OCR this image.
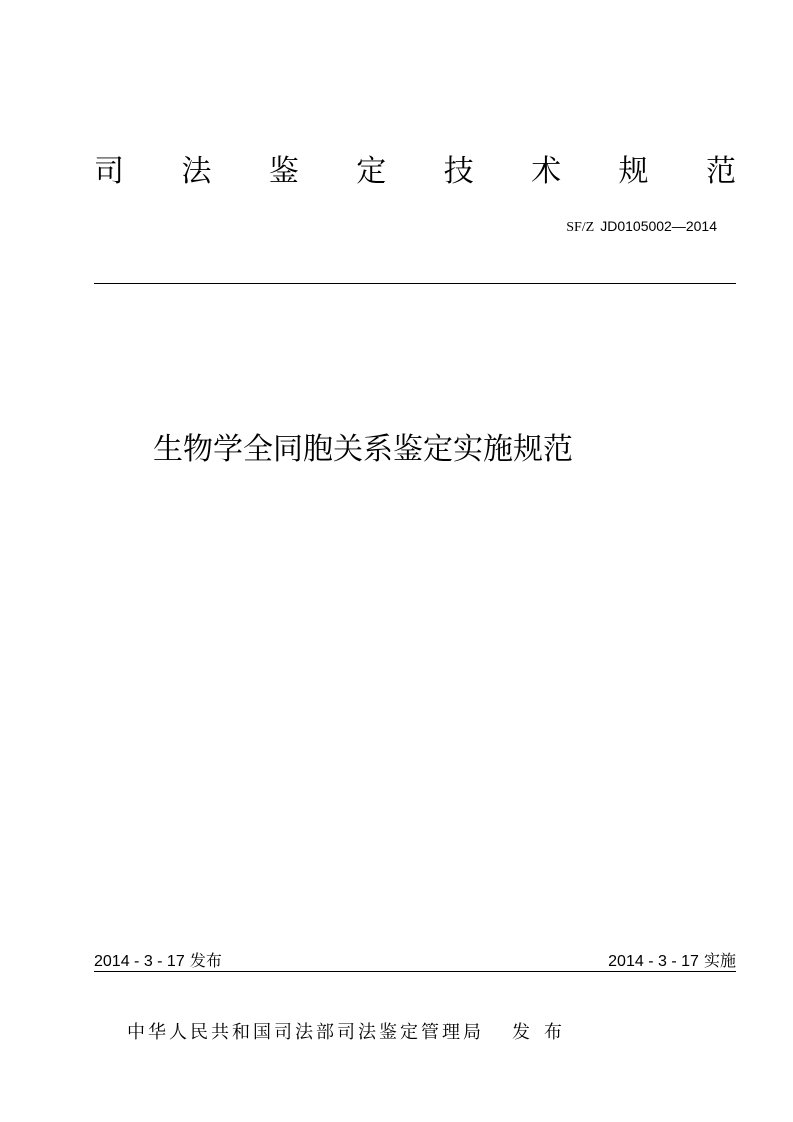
司 法 鉴 定 技 术 规 范
SF/Z JD0105002—2014
生物学全同胞关系鉴定实施规范
2014 - 3 - 17 发布	2014 - 3 - 17 实施
中华人民共和国司法部司法鉴定管理局 发布
